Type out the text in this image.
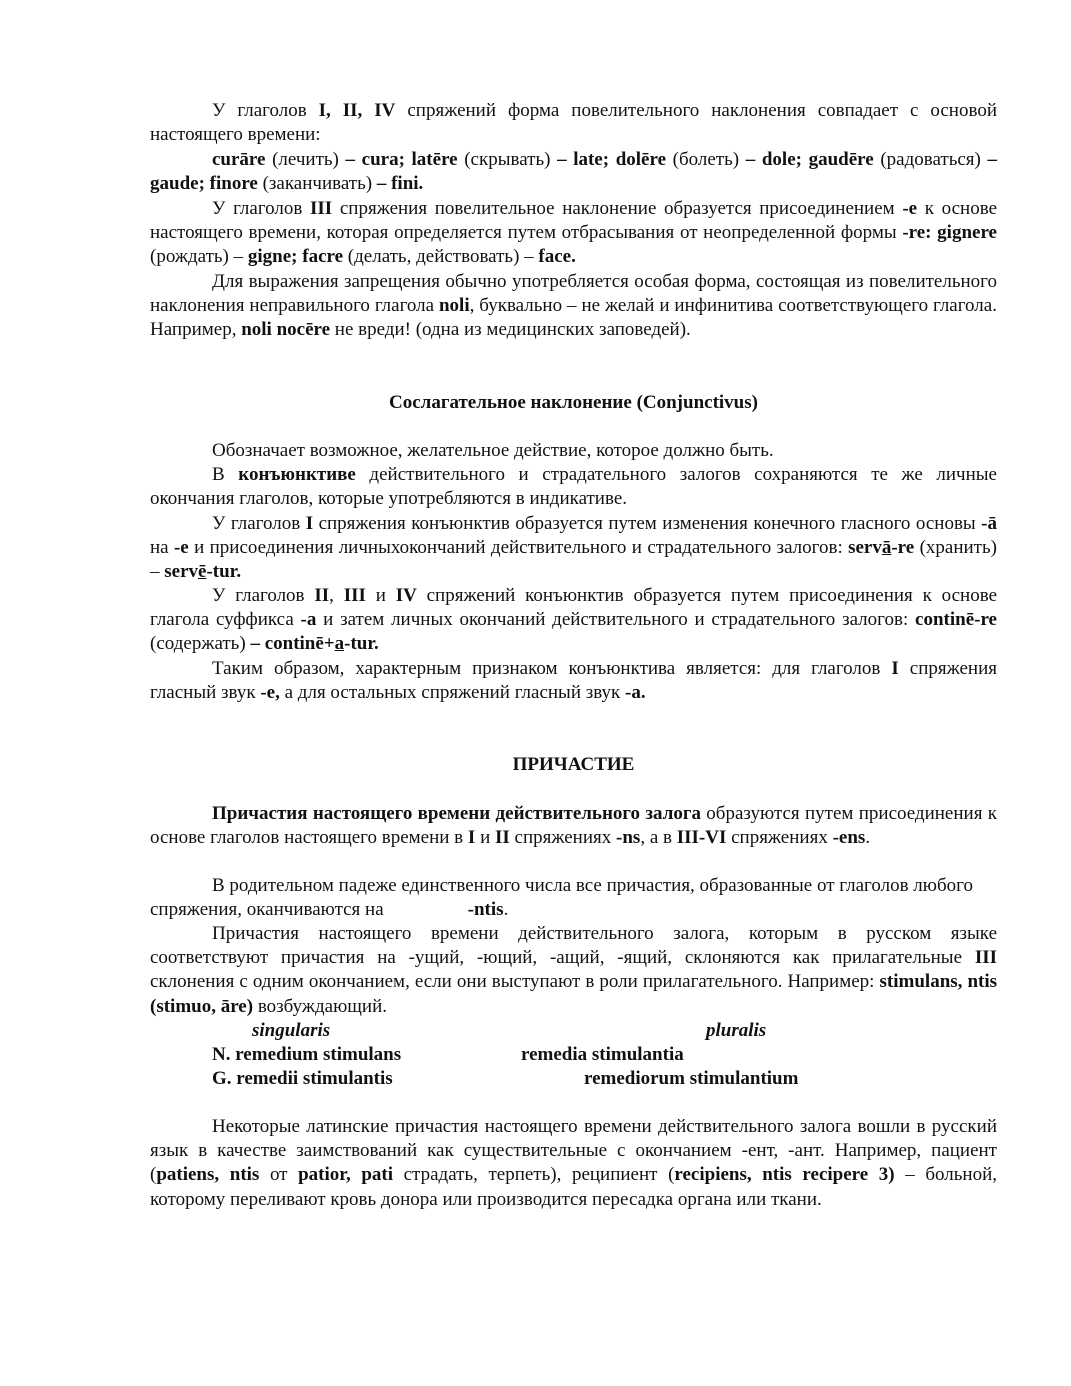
У глаголов I, II, IV спряжений форма повелительного наклонения совпадает с основой настоящего времени:

curāre (лечить) – cura; latēre (скрывать) – late; dolēre (болеть) – dole; gaudēre (радоваться) – gaude; finore (заканчивать) – fini.

У глаголов III спряжения повелительное наклонение образуется присоединением -e к основе настоящего времени, которая определяется путем отбрасывания от неопределенной формы -re: gignere (рождать) – gigne; facre (делать, действовать) – face.

Для выражения запрещения обычно употребляется особая форма, состоящая из повелительного наклонения неправильного глагола noli, буквально – не желай и инфинитива соответствующего глагола. Например, noli nocēre не вреди! (одна из медицинских заповедей).

Сослагательное наклонение (Conjunctivus)

Обозначает возможное, желательное действие, которое должно быть.

В конъюнктиве действительного и страдательного залогов сохраняются те же личные окончания глаголов, которые употребляются в индикативе.

У глаголов I спряжения конъюнктив образуется путем изменения конечного гласного основы -ā на -e и присоединения личныхокончаний действительного и страдательного залогов: servā-re (хранить) – servē-tur.

У глаголов II, III и IV спряжений конъюнктив образуется путем присоединения к основе глагола суффикса -a и затем личных окончаний действительного и страдательного залогов: continē-re (содержать) – continē+a-tur.

Таким образом, характерным признаком конъюнктива является: для глаголов I спряжения гласный звук -e, а для остальных спряжений гласный звук -a.

ПРИЧАСТИЕ

Причастия настоящего времени действительного залога образуются путем присоединения к основе глаголов настоящего времени в I и II спряжениях -ns, а в III-VI спряжениях -ens.

В родительном падеже единственного числа все причастия, образованные от глаголов любого спряжения, оканчиваются на	-ntis.

Причастия настоящего времени действительного залога, которым в русском языке соответствуют причастия на -ущий, -ющий, -ащий, -ящий, склоняются как прилагательные III склонения с одним окончанием, если они выступают в роли прилагательного. Например: stimulans, ntis (stimuo, āre) возбуждающий.

singularis	pluralis
N. remedium stimulans	remedia stimulantia
G. remedii stimulantis	remediorum stimulantium

Некоторые латинские причастия настоящего времени действительного залога вошли в русский язык в качестве заимствований как существительные с окончанием -ент, -ант. Например, пациент (patiens, ntis от patior, pati страдать, терпеть), реципиент (recipiens, ntis recipere 3) – больной, которому переливают кровь донора или производится пересадка органа или ткани.
